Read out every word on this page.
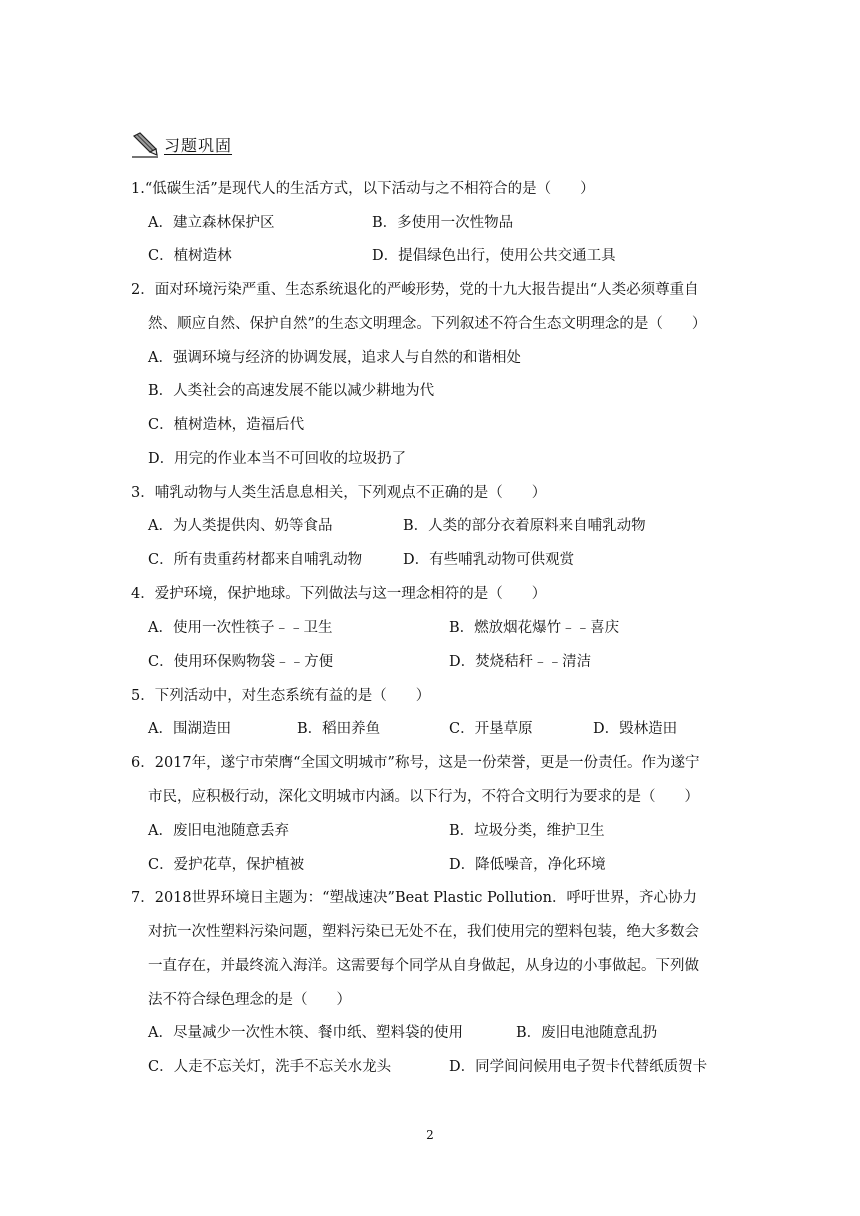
习题巩固
1.“低碳生活”是现代人的生活方式，以下活动与之不相符合的是（　　）
A．建立森林保护区	B．多使用一次性物品
C．植树造林	D．提倡绿色出行，使用公共交通工具
2．面对环境污染严重、生态系统退化的严峻形势，党的十九大报告提出“人类必须尊重自
然、顺应自然、保护自然”的生态文明理念。下列叙述不符合生态文明理念的是（　　）
A．强调环境与经济的协调发展，追求人与自然的和谐相处
B．人类社会的高速发展不能以减少耕地为代
C．植树造林，造福后代
D．用完的作业本当不可回收的垃圾扔了
3．哺乳动物与人类生活息息相关，下列观点不正确的是（　　）
A．为人类提供肉、奶等食品	B．人类的部分衣着原料来自哺乳动物
C．所有贵重药材都来自哺乳动物	D．有些哺乳动物可供观赏
4．爱护环境，保护地球。下列做法与这一理念相符的是（　　）
A．使用一次性筷子﹣﹣卫生	B．燃放烟花爆竹﹣﹣喜庆
C．使用环保购物袋﹣﹣方便	D．焚烧秸秆﹣﹣清洁
5．下列活动中，对生态系统有益的是（　　）
A．围湖造田	B．稻田养鱼	C．开垦草原	D．毁林造田
6．2017年，遂宁市荣膺“全国文明城市”称号，这是一份荣誉，更是一份责任。作为遂宁
市民，应积极行动，深化文明城市内涵。以下行为，不符合文明行为要求的是（　　）
A．废旧电池随意丢弃	B．垃圾分类，维护卫生
C．爱护花草，保护植被	D．降低噪音，净化环境
7．2018世界环境日主题为：“塑战速决”Beat Plastic Pollution．呼吁世界，齐心协力
对抗一次性塑料污染问题，塑料污染已无处不在，我们使用完的塑料包装，绝大多数会
一直存在，并最终流入海洋。这需要每个同学从自身做起，从身边的小事做起。下列做
法不符合绿色理念的是（　　）
A．尽量减少一次性木筷、餐巾纸、塑料袋的使用	B．废旧电池随意乱扔
C．人走不忘关灯，洗手不忘关水龙头	D．同学间问候用电子贺卡代替纸质贺卡
2
